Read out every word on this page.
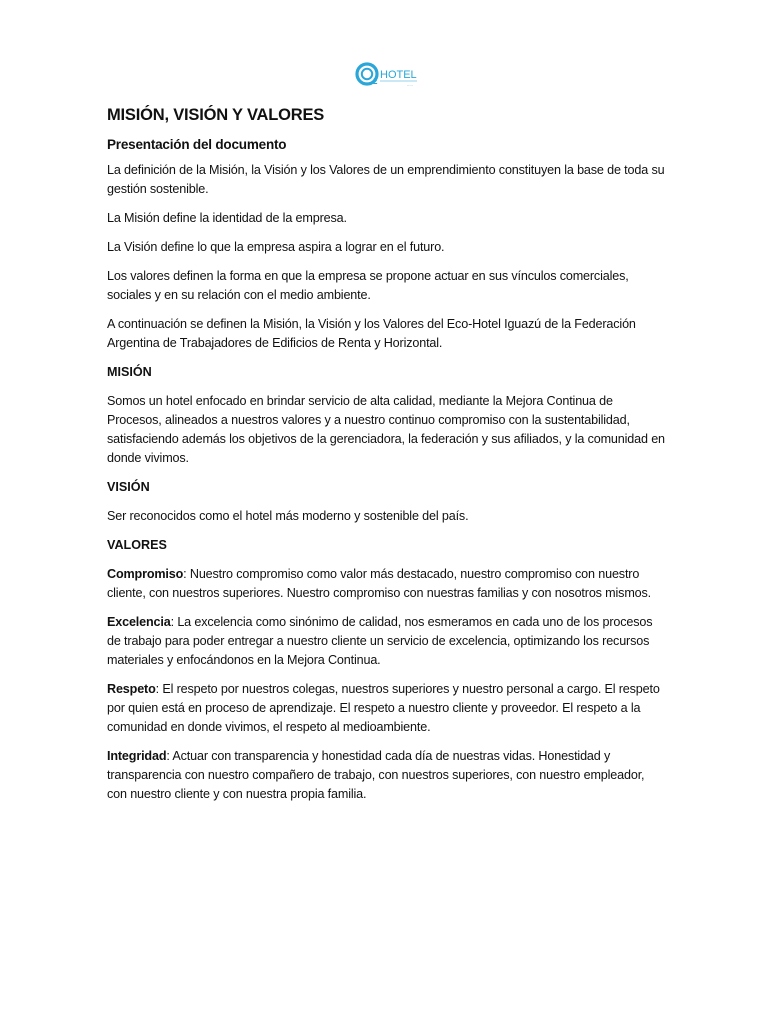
2
HOTEL
·····
MISIÓN, VISIÓN Y VALORES
Presentación del documento

La definición de la Misión, la Visión y los Valores de un emprendimiento constituyen la base de toda su gestión sostenible.

La Misión define la identidad de la empresa.

La Visión define lo que la empresa aspira a lograr en el futuro.

Los valores definen la forma en que la empresa se propone actuar en sus vínculos comerciales, sociales y en su relación con el medio ambiente.

A continuación se definen la Misión, la Visión y los Valores del Eco-Hotel Iguazú de la Federación Argentina de Trabajadores de Edificios de Renta y Horizontal.

MISIÓN

Somos un hotel enfocado en brindar servicio de alta calidad, mediante la Mejora Continua de Procesos, alineados a nuestros valores y a nuestro continuo compromiso con la sustentabilidad, satisfaciendo además los objetivos de la gerenciadora, la federación y sus afiliados, y la comunidad en donde vivimos.

VISIÓN

Ser reconocidos como el hotel más moderno y sostenible del país.

VALORES

Compromiso: Nuestro compromiso como valor más destacado, nuestro compromiso con nuestro cliente, con nuestros superiores. Nuestro compromiso con nuestras familias y con nosotros mismos.

Excelencia: La excelencia como sinónimo de calidad, nos esmeramos en cada uno de los procesos de trabajo para poder entregar a nuestro cliente un servicio de excelencia, optimizando los recursos materiales y enfocándonos en la Mejora Continua.

Respeto: El respeto por nuestros colegas, nuestros superiores y nuestro personal a cargo. El respeto por quien está en proceso de aprendizaje. El respeto a nuestro cliente y proveedor. El respeto a la comunidad en donde vivimos, el respeto al medioambiente.

Integridad: Actuar con transparencia y honestidad cada día de nuestras vidas. Honestidad y transparencia con nuestro compañero de trabajo, con nuestros superiores, con nuestro empleador, con nuestro cliente y con nuestra propia familia.
